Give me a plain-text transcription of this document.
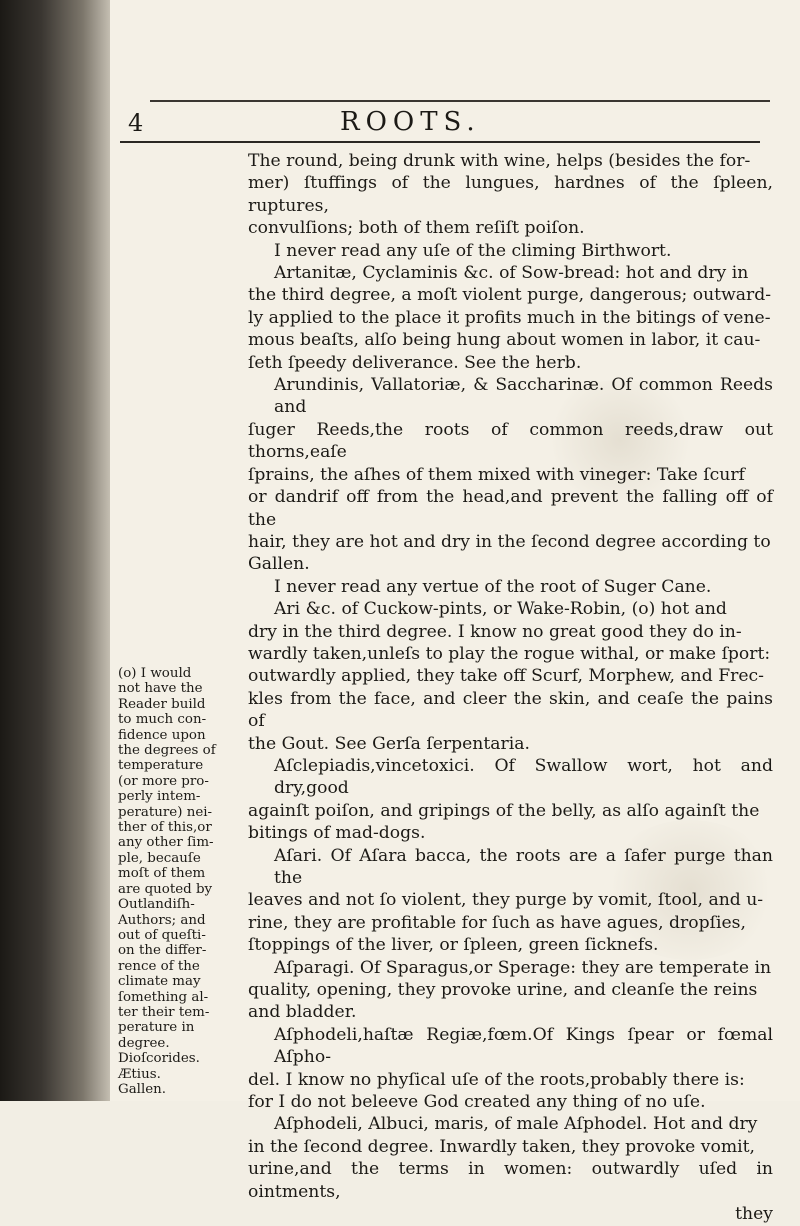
4	ROOTS.
The round, being drunk with wine, helps (besides the for-
mer) ſtuffings of the lungues, hardnes of the ſpleen, ruptures,
convulſions; both of them reſiſt poiſon.
I never read any uſe of the climing Birthwort.
Artanitæ, Cyclaminis &c. of Sow-bread: hot and dry in
the third degree, a moſt violent purge, dangerous; outward-
ly applied to the place it profits much in the bitings of vene-
mous beaſts, alſo being hung about women in labor, it cau-
ſeth ſpeedy deliverance. See the herb.
Arundinis, Vallatoriæ, & Saccharinæ. Of common Reeds and
ſuger Reeds,the roots of common reeds,draw out thorns,eaſe
ſprains, the aſhes of them mixed with vineger: Take ſcurf
or dandrif off from the head,and prevent the falling off of the
hair, they are hot and dry in the ſecond degree according to
Gallen.
I never read any vertue of the root of Suger Cane.
Ari &c. of Cuckow-pints, or Wake-Robin, (o) hot and
dry in the third degree. I know no great good they do in-
wardly taken,unleſs to play the rogue withal, or make ſport:
outwardly applied, they take off Scurf, Morphew, and Frec-
kles from the face, and cleer the skin, and ceaſe the pains of
the Gout. See Gerſa ſerpentaria.
Aſclepiadis,vincetoxici. Of Swallow wort, hot and dry,good
againſt poiſon, and gripings of the belly, as alſo againſt the
bitings of mad-dogs.
Aſari. Of Aſara bacca, the roots are a ſafer purge than the
leaves and not ſo violent, they purge by vomit, ſtool, and u-
rine, they are profitable for ſuch as have agues, dropſies,
ſtoppings of the liver, or ſpleen, green ſicknefs.
Aſparagi. Of Sparagus,or Sperage: they are temperate in
quality, opening, they provoke urine, and cleanſe the reins
and bladder.
Aſphodeli,haſtæ Regiæ,fœm.Of Kings ſpear or fœmal Aſpho-
del. I know no phyſical uſe of the roots,probably there is:
for I do not beleeve God created any thing of no uſe.
Aſphodeli, Albuci, maris, of male Aſphodel. Hot and dry
in the ſecond degree. Inwardly taken, they provoke vomit,
urine,and the terms in women: outwardly uſed in ointments,
they
(o) I would
not have the
Reader build
to much con-
fidence upon
the degrees of
temperature
(or more pro-
perly intem-
perature) nei-
ther of this,or
any other ſim-
ple, becauſe
moſt of them
are quoted by
Outlandiſh-
Authors; and
out of queſti-
on the differ-
rence of the
climate may
ſomething al-
ter their tem-
perature in
degree.
Dioſcorides.
Ætius.
Gallen.
